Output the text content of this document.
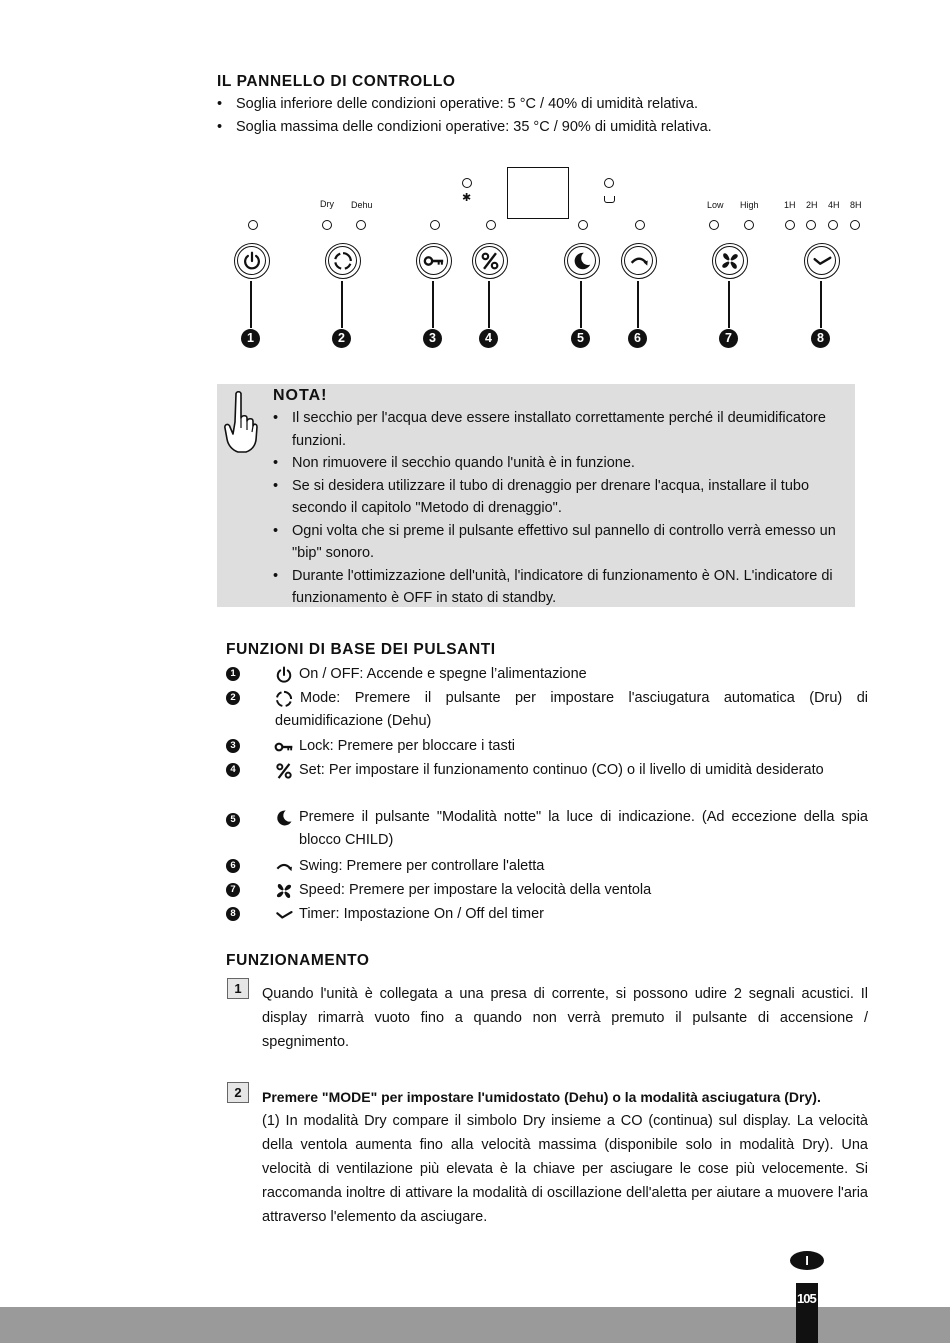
IL PANNELLO DI CONTROLLO
• Soglia inferiore delle condizioni operative: 5 °C / 40% di umidità relativa.
• Soglia massima delle condizioni operative: 35 °C / 90% di umidità relativa.
✱
Dry Dehu	Low High	1H 2H 4H 8H
1	2	3	4	5	6	7	8
NOTA!
• Il secchio per l'acqua deve essere installato correttamente perché il deumidificatore funzioni.
• Non rimuovere il secchio quando l'unità è in funzione.
• Se si desidera utilizzare il tubo di drenaggio per drenare l'acqua, installare il tubo secondo il capitolo "Metodo di drenaggio".
• Ogni volta che si preme il pulsante effettivo sul pannello di controllo verrà emesso un "bip" sonoro.
• Durante l'ottimizzazione dell'unità, l'indicatore di funzionamento è ON. L'indicatore di funzionamento è OFF in stato di standby.
FUNZIONI DI BASE DEI PULSANTI
1	On / OFF: Accende e spegne l’alimentazione
2	Mode: Premere il pulsante per impostare l'asciugatura automatica (Dru) di deumidificazione (Dehu)
3	Lock: Premere per bloccare i tasti
4	Set: Per impostare il funzionamento continuo (CO) o il livello di umidità desiderato
5	Premere il pulsante "Modalità notte" la luce di indicazione. (Ad eccezione della spia blocco CHILD)
6	Swing: Premere per controllare l'aletta
7	Speed: Premere per impostare la velocità della ventola
8	Timer: Impostazione On / Off del timer
FUNZIONAMENTO
1	Quando l'unità è collegata a una presa di corrente, si possono udire 2 segnali acustici. Il display rimarrà vuoto fino a quando non verrà premuto il pulsante di accensione / spegnimento.
2	Premere "MODE" per impostare l'umidostato (Dehu) o la modalità asciugatura (Dry).
(1) In modalità Dry compare il simbolo Dry insieme a CO (continua) sul display. La velocità della ventola aumenta fino alla velocità massima (disponibile solo in modalità Dry). Una velocità di ventilazione più elevata è la chiave per asciugare le cose più velocemente. Si raccomanda inoltre di attivare la modalità di oscillazione dell'aletta per aiutare a muovere l'aria attraverso l'elemento da asciugare.
I
105
